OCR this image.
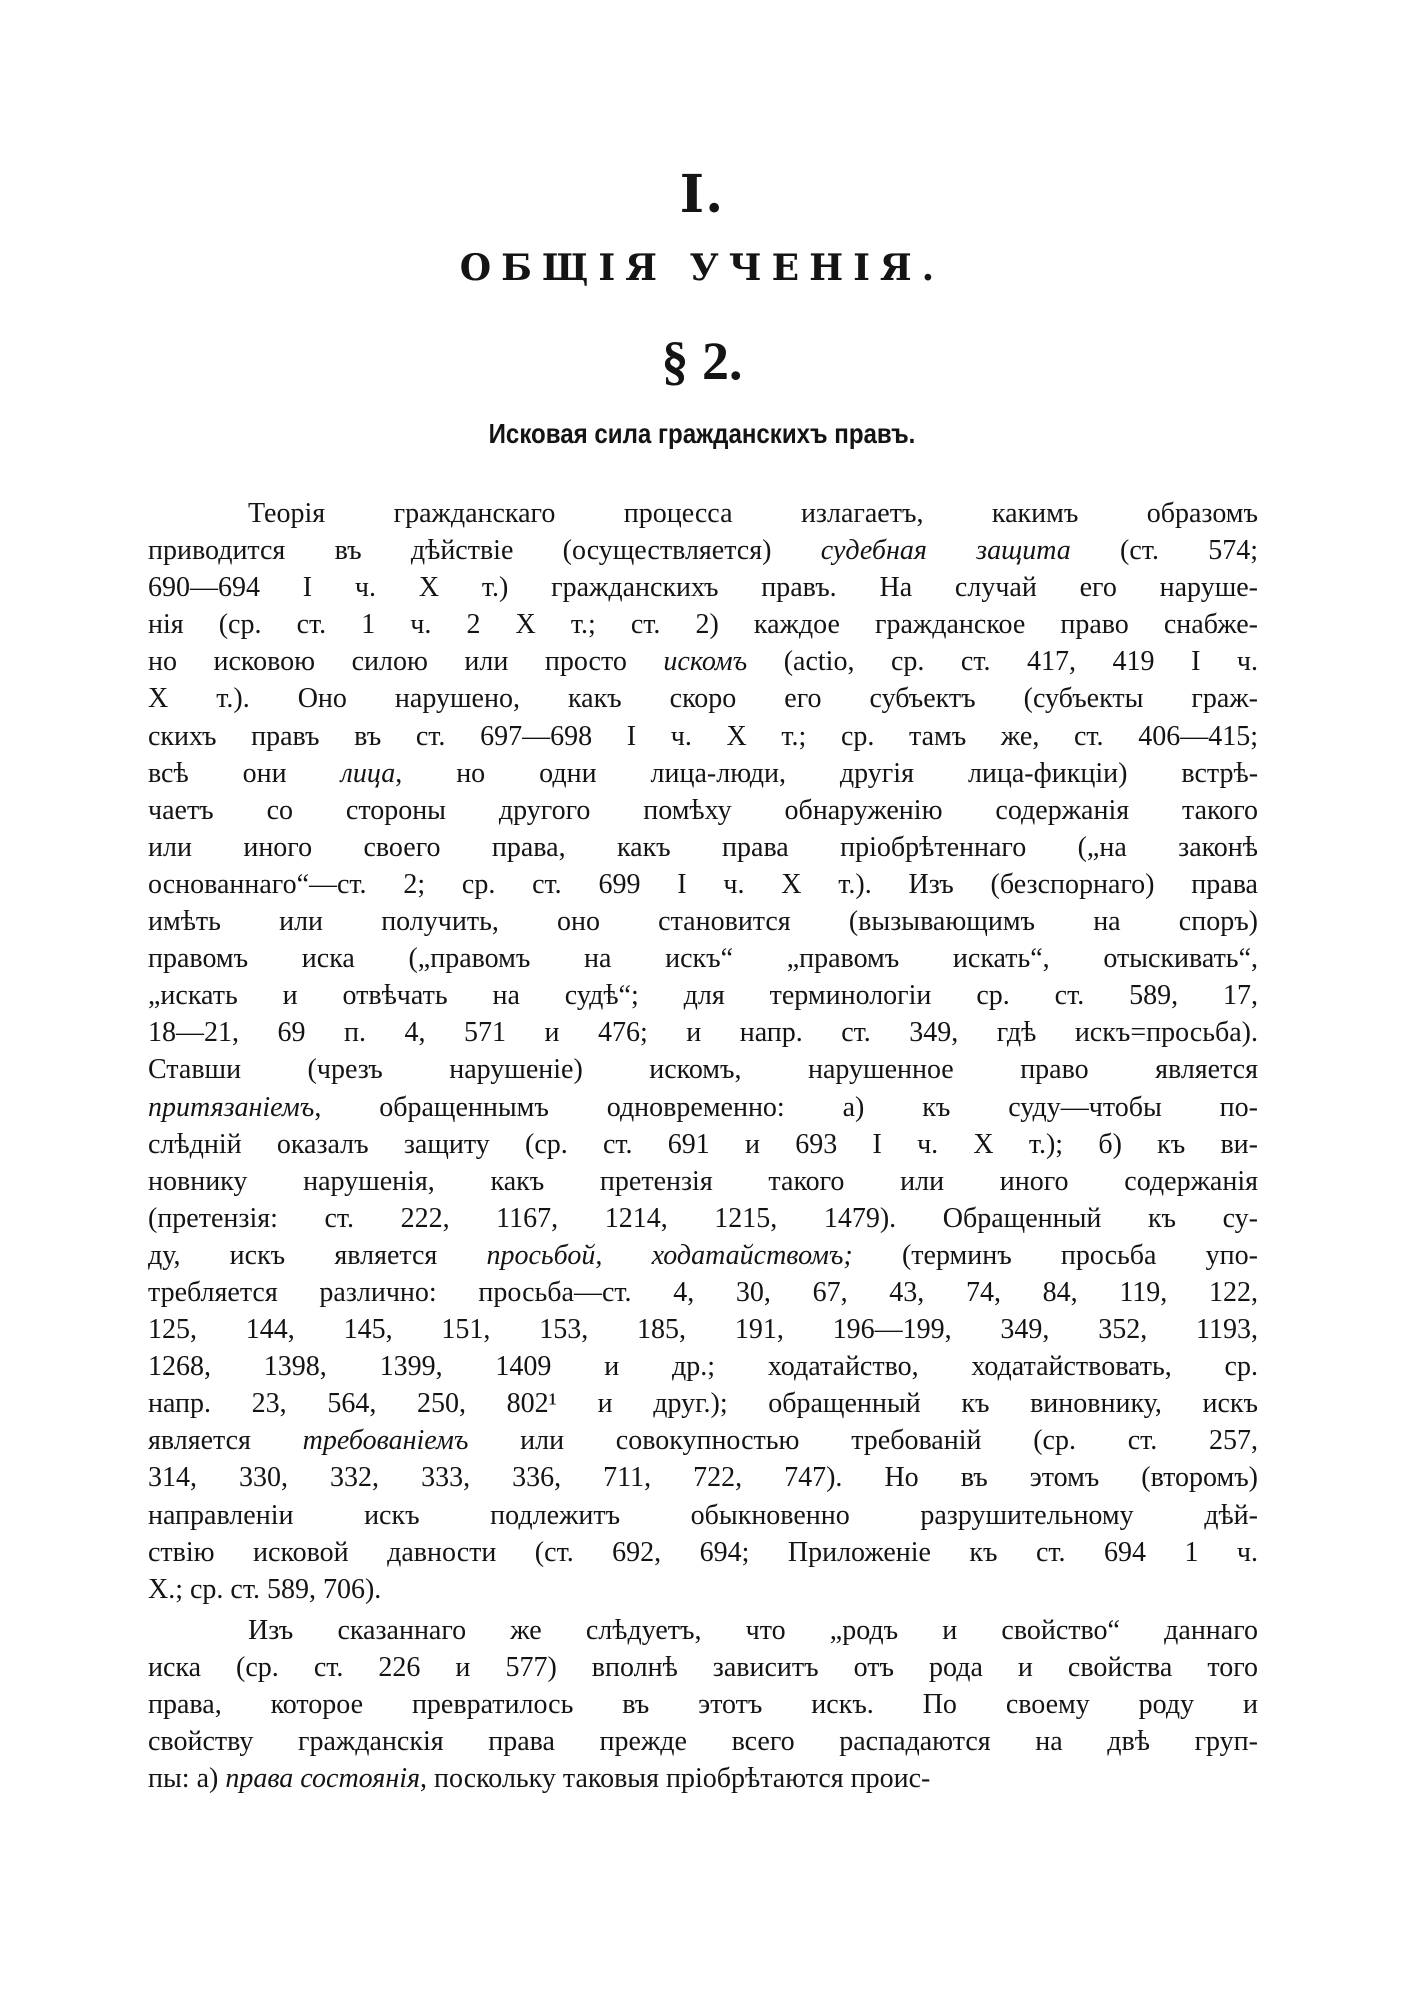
I.
ОБЩІЯ УЧЕНІЯ.
§ 2.
Исковая сила гражданскихъ правъ.
Теорія гражданскаго процесса излагаетъ, какимъ образомъ
приводится въ дѣйствіе (осуществляется) судебная защита (ст. 574;
690—694 I ч. X т.) гражданскихъ правъ. На случай его наруше-
нія (ср. ст. 1 ч. 2 X т.; ст. 2) каждое гражданское право снабже-
но исковою силою или просто искомъ (actio, ср. ст. 417, 419 I ч.
X т.). Оно нарушено, какъ скоро его субъектъ (субъекты граж-
скихъ правъ въ ст. 697—698 I ч. X т.; ср. тамъ же, ст. 406—415;
всѣ они лица, но одни лица-люди, другія лица-фикціи) встрѣ-
чаетъ со стороны другого помѣху обнаруженію содержанія такого
или иного своего права, какъ права пріобрѣтеннаго („на законѣ
основаннаго“—ст. 2; ср. ст. 699 I ч. X т.). Изъ (безспорнаго) права
имѣть или получить, оно становится (вызывающимъ на споръ)
правомъ иска („правомъ на искъ“ „правомъ искать“, отыскивать“,
„искать и отвѣчать на судѣ“; для терминологіи ср. ст. 589, 17,
18—21, 69 п. 4, 571 и 476; и напр. ст. 349, гдѣ искъ=просьба).
Ставши (чрезъ нарушеніе) искомъ, нарушенное право является
притязаніемъ, обращеннымъ одновременно: а) къ суду—чтобы по-
слѣдній оказалъ защиту (ср. ст. 691 и 693 I ч. X т.); б) къ ви-
новнику нарушенія, какъ претензія такого или иного содержанія
(претензія: ст. 222, 1167, 1214, 1215, 1479). Обращенный къ су-
ду, искъ является просьбой, ходатайствомъ; (терминъ просьба упо-
требляется различно: просьба—ст. 4, 30, 67, 43, 74, 84, 119, 122,
125, 144, 145, 151, 153, 185, 191, 196—199, 349, 352, 1193,
1268, 1398, 1399, 1409 и др.; ходатайство, ходатайствовать, ср.
напр. 23, 564, 250, 802¹ и друг.); обращенный къ виновнику, искъ
является требованіемъ или совокупностью требованій (ср. ст. 257,
314, 330, 332, 333, 336, 711, 722, 747). Но въ этомъ (второмъ)
направленіи искъ подлежитъ обыкновенно разрушительному дѣй-
ствію исковой давности (ст. 692, 694; Приложеніе къ ст. 694 1 ч.
X.; ср. ст. 589, 706).
Изъ сказаннаго же слѣдуетъ, что „родъ и свойство“ даннаго
иска (ср. ст. 226 и 577) вполнѣ зависитъ отъ рода и свойства того
права, которое превратилось въ этотъ искъ. По своему роду и
свойству гражданскія права прежде всего распадаются на двѣ груп-
пы: а) права состоянія, поскольку таковыя пріобрѣтаются проис-
